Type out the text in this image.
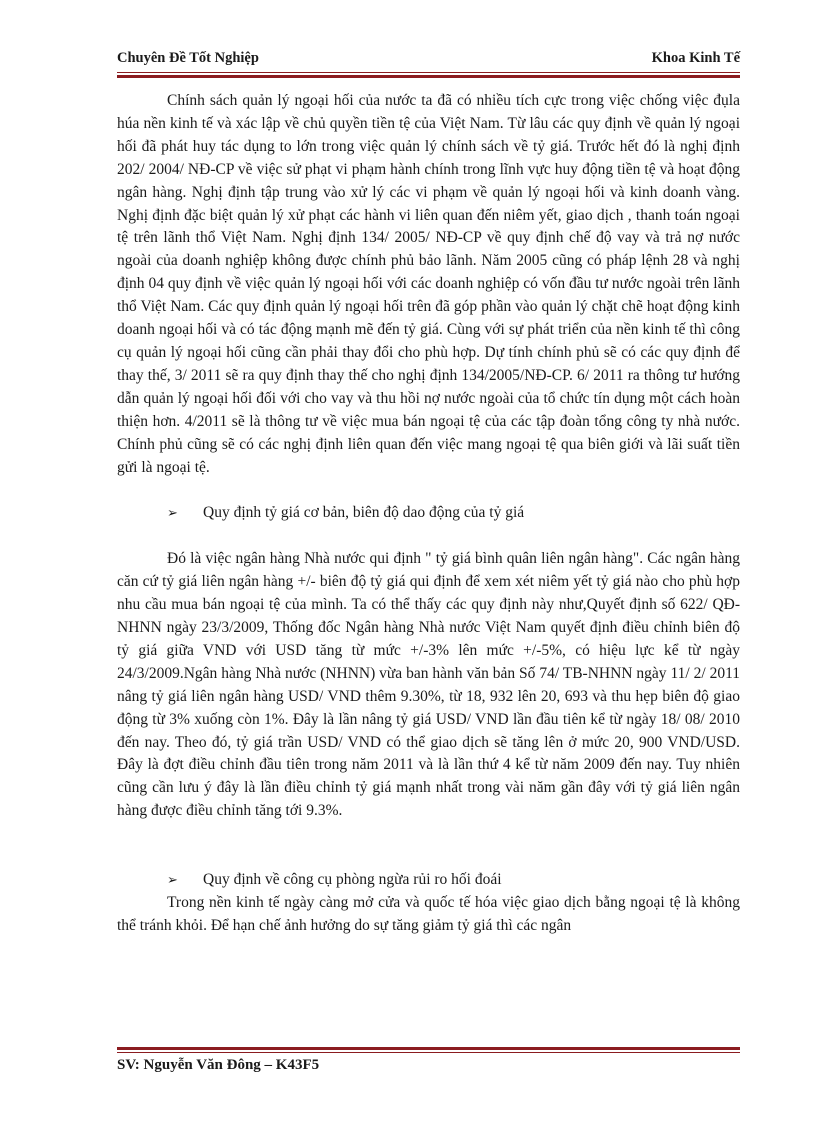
Chuyên Đề Tốt Nghiệp	Khoa Kinh Tế

Chính sách quản lý ngoại hối của nước ta đã có nhiều tích cực trong việc chống việc đụla húa nền kinh tế và xác lập về chủ quyền tiền tệ của Việt Nam. Từ lâu các quy định về quản lý ngoại hối đã phát huy tác dụng to lớn trong việc quản lý chính sách về tỷ giá. Trước hết đó là nghị định 202/ 2004/ NĐ-CP về việc sử phạt vi phạm hành chính trong lĩnh vực huy động tiền tệ và hoạt động ngân hàng. Nghị định tập trung vào xử lý các vi phạm về quản lý ngoại hối và kinh doanh vàng. Nghị định đặc biệt quản lý xử phạt các hành vi liên quan đến niêm yết, giao dịch , thanh toán ngoại tệ trên lãnh thổ Việt Nam. Nghị định 134/ 2005/ NĐ-CP về quy định chế độ vay và trả nợ nước ngoài của doanh nghiệp không được chính phủ bảo lãnh. Năm 2005 cũng có pháp lệnh 28 và nghị định 04 quy định về việc quản lý ngoại hối với các doanh nghiệp có vốn đầu tư nước ngoài trên lãnh thổ Việt Nam. Các quy định quản lý ngoại hối trên đã góp phần vào quản lý chặt chẽ hoạt động kinh doanh ngoại hối và có tác động mạnh mẽ đến tỷ giá. Cùng với sự phát triển của nền kinh tế thì công cụ quản lý ngoại hối cũng cần phải thay đổi cho phù hợp. Dự tính chính phủ sẽ có các quy định để thay thế, 3/ 2011 sẽ ra quy định thay thế cho nghị định 134/2005/NĐ-CP. 6/ 2011 ra thông tư hướng dẫn quản lý ngoại hối đối với cho vay và thu hồi nợ nước ngoài của tổ chức tín dụng một cách hoàn thiện hơn. 4/2011 sẽ là thông tư về việc mua bán ngoại tệ của các tập đoàn tổng công ty nhà nước. Chính phủ cũng sẽ có các nghị định liên quan đến việc mang ngoại tệ qua biên giới và lãi suất tiền gửi là ngoại tệ.

➢	Quy định tỷ giá cơ bản, biên độ dao động của tỷ giá

Đó là việc ngân hàng Nhà nước qui định " tỷ giá bình quân liên ngân hàng". Các ngân hàng căn cứ tỷ giá liên ngân hàng +/- biên độ tỷ giá qui định để xem xét niêm yết tỷ giá nào cho phù hợp nhu cầu mua bán ngoại tệ của mình. Ta có thể thấy các quy định này như,Quyết định số 622/ QĐ-NHNN ngày 23/3/2009, Thống đốc Ngân hàng Nhà nước Việt Nam quyết định điều chỉnh biên độ tỷ giá giữa VND với USD tăng từ mức +/-3% lên mức +/-5%, có hiệu lực kể từ ngày 24/3/2009.Ngân hàng Nhà nước (NHNN) vừa ban hành văn bản Số 74/ TB-NHNN ngày 11/ 2/ 2011 nâng tỷ giá liên ngân hàng USD/ VND thêm 9.30%, từ 18, 932 lên 20, 693 và thu hẹp biên độ giao động từ 3% xuống còn 1%. Đây là lần nâng tỷ giá USD/ VND lần đầu tiên kể từ ngày 18/ 08/ 2010 đến nay. Theo đó, tỷ giá trần USD/ VND có thể giao dịch sẽ tăng lên ở mức 20, 900 VND/USD. Đây là đợt điều chỉnh đầu tiên trong năm 2011 và là lần thứ 4 kể từ năm 2009 đến nay. Tuy nhiên cũng cần lưu ý đây là lần điều chỉnh tỷ giá mạnh nhất trong vài năm gần đây với tỷ giá liên ngân hàng được điều chỉnh tăng tới 9.3%.

➢	Quy định về công cụ phòng ngừa rủi ro hối đoái

Trong nền kinh tế ngày càng mở cửa và quốc tế hóa việc giao dịch bằng ngoại tệ là không thể tránh khỏi. Để hạn chế ảnh hưởng do sự tăng giảm tỷ giá thì các ngân

SV: Nguyễn Văn Đông – K43F5
